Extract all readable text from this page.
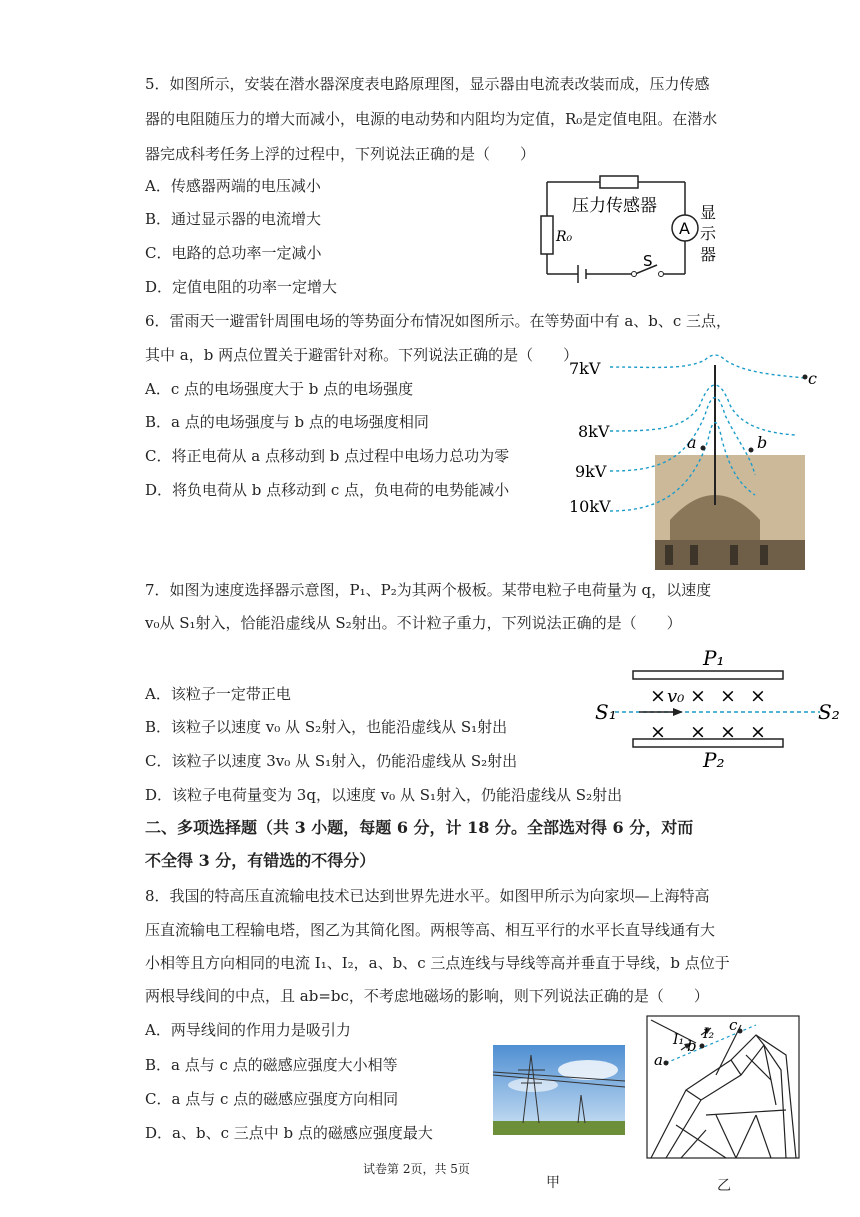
5．如图所示，安装在潜水器深度表电路原理图，显示器由电流表改装而成，压力传感
器的电阻随压力的增大而减小，电源的电动势和内阻均为定值，R₀是定值电阻。在潜水
器完成科考任务上浮的过程中，下列说法正确的是（　　）
A．传感器两端的电压减小
B．通过显示器的电流增大
C．电路的总功率一定减小
D．定值电阻的功率一定增大
压力传感器
R₀	A
显
示
器
S
6．雷雨天一避雷针周围电场的等势面分布情况如图所示。在等势面中有 a、b、c 三点，
其中 a，b 两点位置关于避雷针对称。下列说法正确的是（　　）
A．c 点的电场强度大于 b 点的电场强度
B．a 点的电场强度与 b 点的电场强度相同
C．将正电荷从 a 点移动到 b 点过程中电场力总功为零
D．将负电荷从 b 点移动到 c 点，负电荷的电势能减小
7kV
8kV
9kV
10kV
a	b
c
7．如图为速度选择器示意图，P₁、P₂为其两个极板。某带电粒子电荷量为 q，以速度
v₀从 S₁射入，恰能沿虚线从 S₂射出。不计粒子重力，下列说法正确的是（　　）
A．该粒子一定带正电
B．该粒子以速度 v₀ 从 S₂射入，也能沿虚线从 S₁射出
C．该粒子以速度 3v₀ 从 S₁射入，仍能沿虚线从 S₂射出
D．该粒子电荷量变为 3q，以速度 v₀ 从 S₁射入，仍能沿虚线从 S₂射出
P₁
P₂
S₁	S₂
v₀
× × × ×
× × × ×
二、多项选择题（共 3 小题，每题 6 分，计 18 分。全部选对得 6 分，对而
不全得 3 分，有错选的不得分）
8．我国的特高压直流输电技术已达到世界先进水平。如图甲所示为向家坝—上海特高
压直流输电工程输电塔，图乙为其简化图。两根等高、相互平行的水平长直导线通有大
小相等且方向相同的电流 I₁、I₂，a、b、c 三点连线与导线等高并垂直于导线，b 点位于
两根导线间的中点，且 ab=bc，不考虑地磁场的影响，则下列说法正确的是（　　）
A．两导线间的作用力是吸引力
B．a 点与 c 点的磁感应强度大小相等
C．a 点与 c 点的磁感应强度方向相同
D．a、b、c 三点中 b 点的磁感应强度最大
a
b
c
I₁ I₂
试卷第 2页，共 5页
甲	乙
